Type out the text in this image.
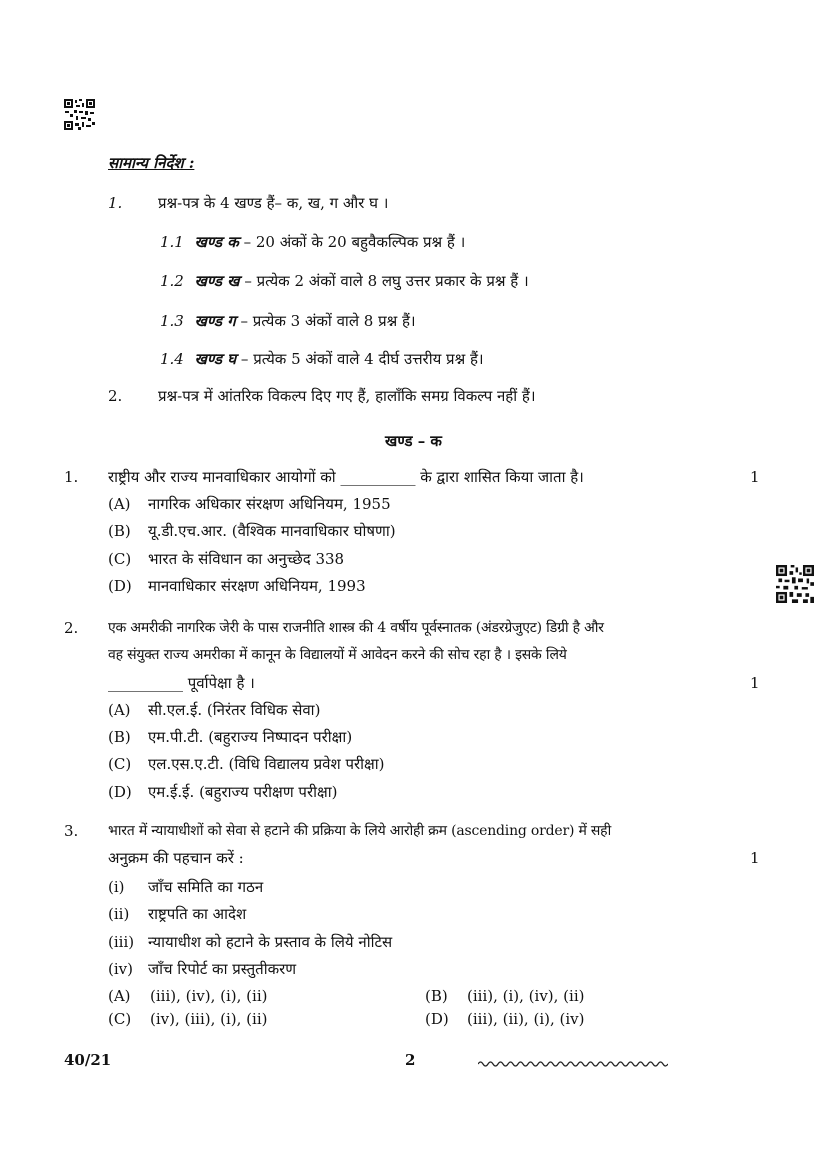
सामान्य निर्देश :
1. प्रश्न-पत्र के 4 खण्ड हैं– क, ख, ग और घ ।
1.1 खण्ड क – 20 अंकों के 20 बहुवैकल्पिक प्रश्न हैं ।
1.2 खण्ड ख – प्रत्येक 2 अंकों वाले 8 लघु उत्तर प्रकार के प्रश्न हैं ।
1.3 खण्ड ग – प्रत्येक 3 अंकों वाले 8 प्रश्न हैं।
1.4 खण्ड घ – प्रत्येक 5 अंकों वाले 4 दीर्घ उत्तरीय प्रश्न हैं।
2. प्रश्न-पत्र में आंतरिक विकल्प दिए गए हैं, हालाँकि समग्र विकल्प नहीं हैं।
खण्ड – क
1. राष्ट्रीय और राज्य मानवाधिकार आयोगों को __________ के द्वारा शासित किया जाता है।	1
(A) नागरिक अधिकार संरक्षण अधिनियम, 1955
(B) यू.डी.एच.आर. (वैश्विक मानवाधिकार घोषणा)
(C) भारत के संविधान का अनुच्छेद 338
(D) मानवाधिकार संरक्षण अधिनियम, 1993
2. एक अमरीकी नागरिक जेरी के पास राजनीति शास्त्र की 4 वर्षीय पूर्वस्नातक (अंडरग्रेजुएट) डिग्री है और
वह संयुक्त राज्य अमरीका में कानून के विद्यालयों में आवेदन करने की सोच रहा है । इसके लिये
__________ पूर्वापेक्षा है ।	1
(A) सी.एल.ई. (निरंतर विधिक सेवा)
(B) एम.पी.टी. (बहुराज्य निष्पादन परीक्षा)
(C) एल.एस.ए.टी. (विधि विद्यालय प्रवेश परीक्षा)
(D) एम.ई.ई. (बहुराज्य परीक्षण परीक्षा)
3. भारत में न्यायाधीशों को सेवा से हटाने की प्रक्रिया के लिये आरोही क्रम (ascending order) में सही
अनुक्रम की पहचान करें :	1
(i) जाँच समिति का गठन
(ii) राष्ट्रपति का आदेश
(iii) न्यायाधीश को हटाने के प्रस्ताव के लिये नोटिस
(iv) जाँच रिपोर्ट का प्रस्तुतीकरण
(A) (iii), (iv), (i), (ii)	(B) (iii), (i), (iv), (ii)
(C) (iv), (iii), (i), (ii)	(D) (iii), (ii), (i), (iv)
40/21	2
